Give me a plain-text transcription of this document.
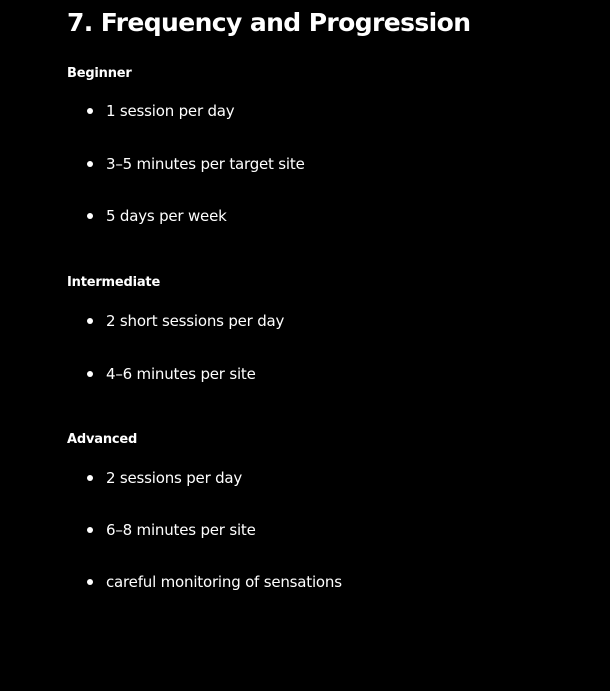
7. Frequency and Progression
Beginner
1 session per day
3–5 minutes per target site
5 days per week
Intermediate
2 short sessions per day
4–6 minutes per site
Advanced
2 sessions per day
6–8 minutes per site
careful monitoring of sensations
